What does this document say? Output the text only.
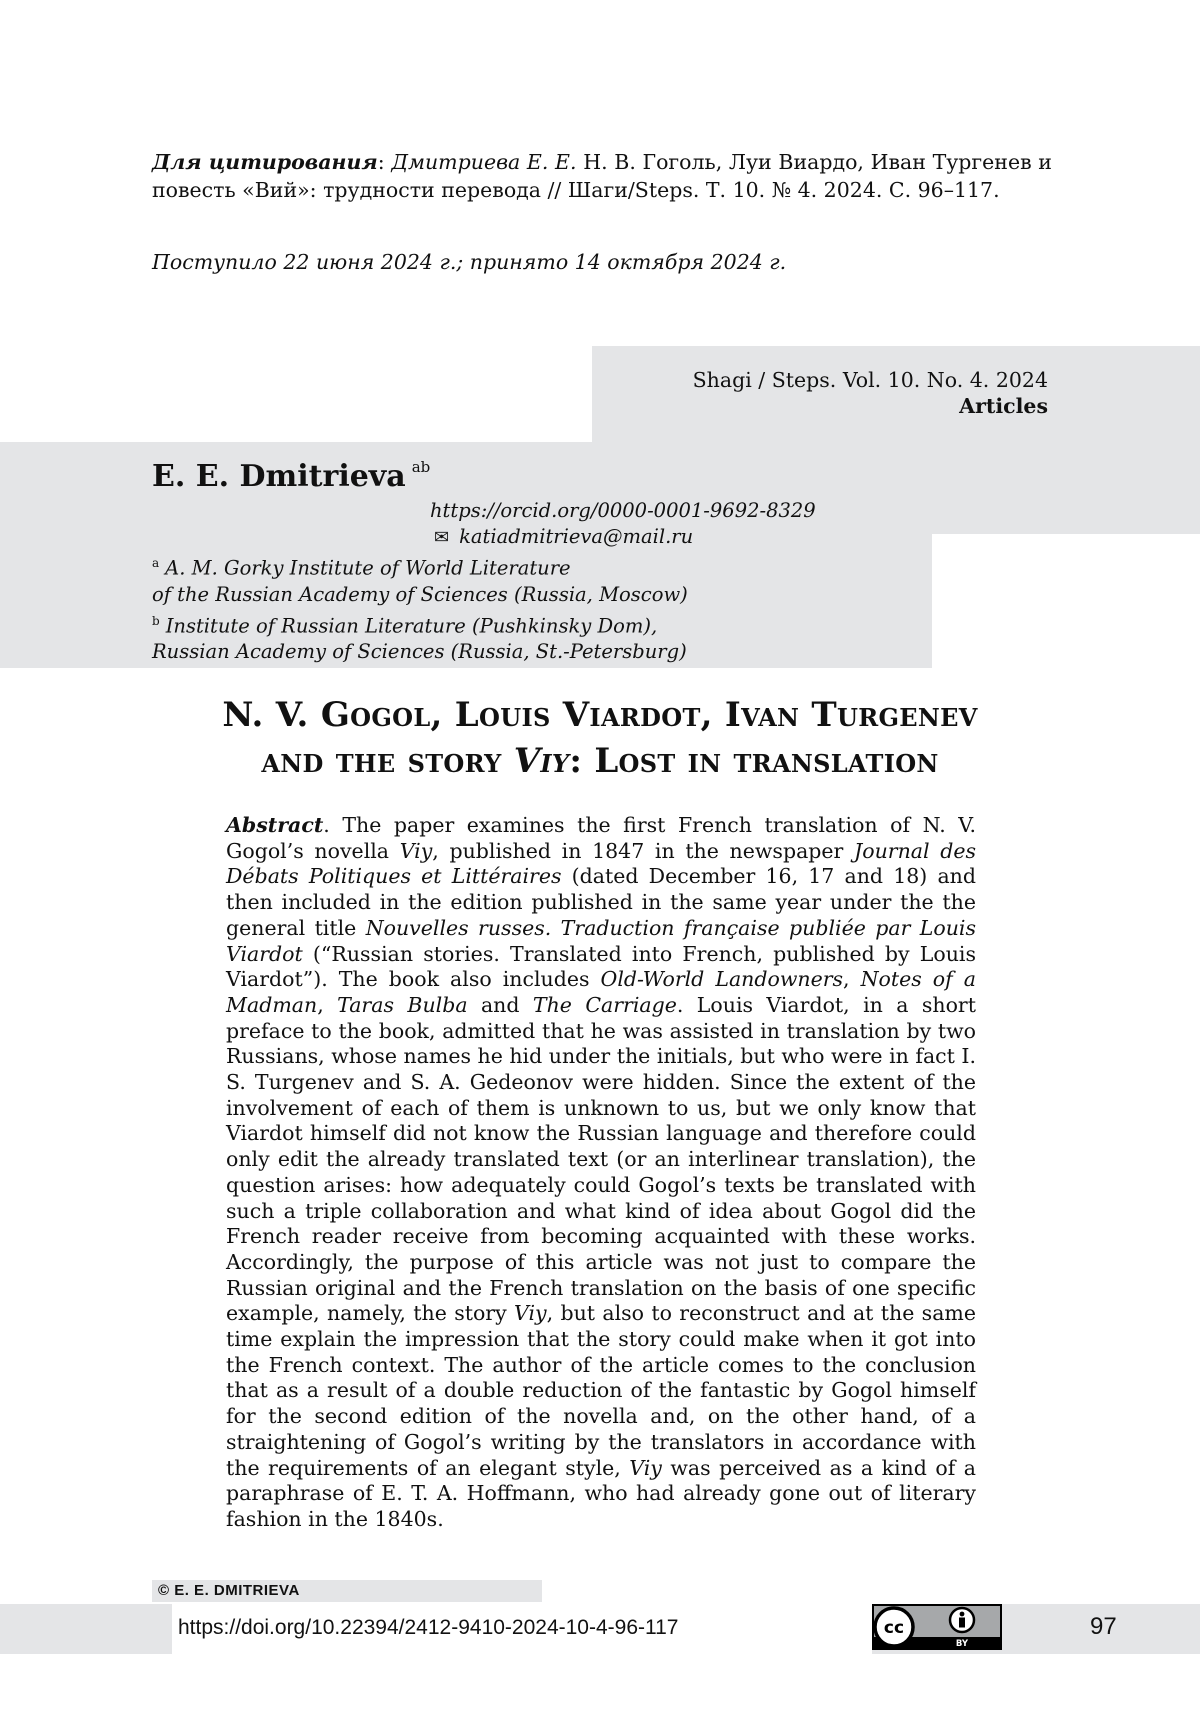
Для цитирования: Дмитриева Е. Е. Н. В. Гоголь, Луи Виардо, Иван Тургенев и повесть «Вий»: трудности перевода // Шаги/Steps. Т. 10. № 4. 2024. С. 96–117.
Поступило 22 июня 2024 г.; принято 14 октября 2024 г.
Shagi / Steps. Vol. 10. No. 4. 2024
Articles
E. E. Dmitrieva $^{ab}$
https://orcid.org/0000-0001-9692-8329
✉ katiadmitrieva@mail.ru
$^a$ A. M. Gorky Institute of World Literature
of the Russian Academy of Sciences (Russia, Moscow)
$^b$ Institute of Russian Literature (Pushkinsky Dom),
Russian Academy of Sciences (Russia, St.-Petersburg)
N. V. Gogol, Louis Viardot, Ivan Turgenev
and the story Viy: Lost in translation
Abstract. The paper examines the first French translation of N. V. Gogol’s novella Viy, published in 1847 in the newspaper Journal des Débats Politiques et Littéraires (dated December 16, 17 and 18) and then included in the edition published in the same year under the the general title Nouvelles russes. Traduction française publiée par Louis Viardot (“Russian stories. Translated into French, published by Louis Viardot”). The book also includes Old-World Landowners, Notes of a Madman, Taras Bulba and The Carriage. Louis Viardot, in a short preface to the book, admitted that he was assisted in translation by two Russians, whose names he hid under the initials, but who were in fact I. S. Turgenev and S. A. Gedeonov were hidden. Since the extent of the involvement of each of them is unknown to us, but we only know that Viardot himself did not know the Russian language and therefore could only edit the already translated text (or an interlinear translation), the question arises: how adequately could Gogol’s texts be translated with such a triple collaboration and what kind of idea about Gogol did the French reader receive from becoming acquainted with these works. Accordingly, the purpose of this article was not just to compare the Russian original and the French translation on the basis of one specific example, namely, the story Viy, but also to reconstruct and at the same time explain the impression that the story could make when it got into the French context. The author of the article comes to the conclusion that as a result of a double reduction of the fantastic by Gogol himself for the second edition of the novella and, on the other hand, of a straightening of Gogol’s writing by the translators in accordance with the requirements of an elegant style, Viy was perceived as a kind of a paraphrase of E. T. A. Hoffmann, who had already gone out of literary fashion in the 1840s.
© E. E. DMITRIEVA
https://doi.org/10.22394/2412-9410-2024-10-4-96-117	cc
BY
97
